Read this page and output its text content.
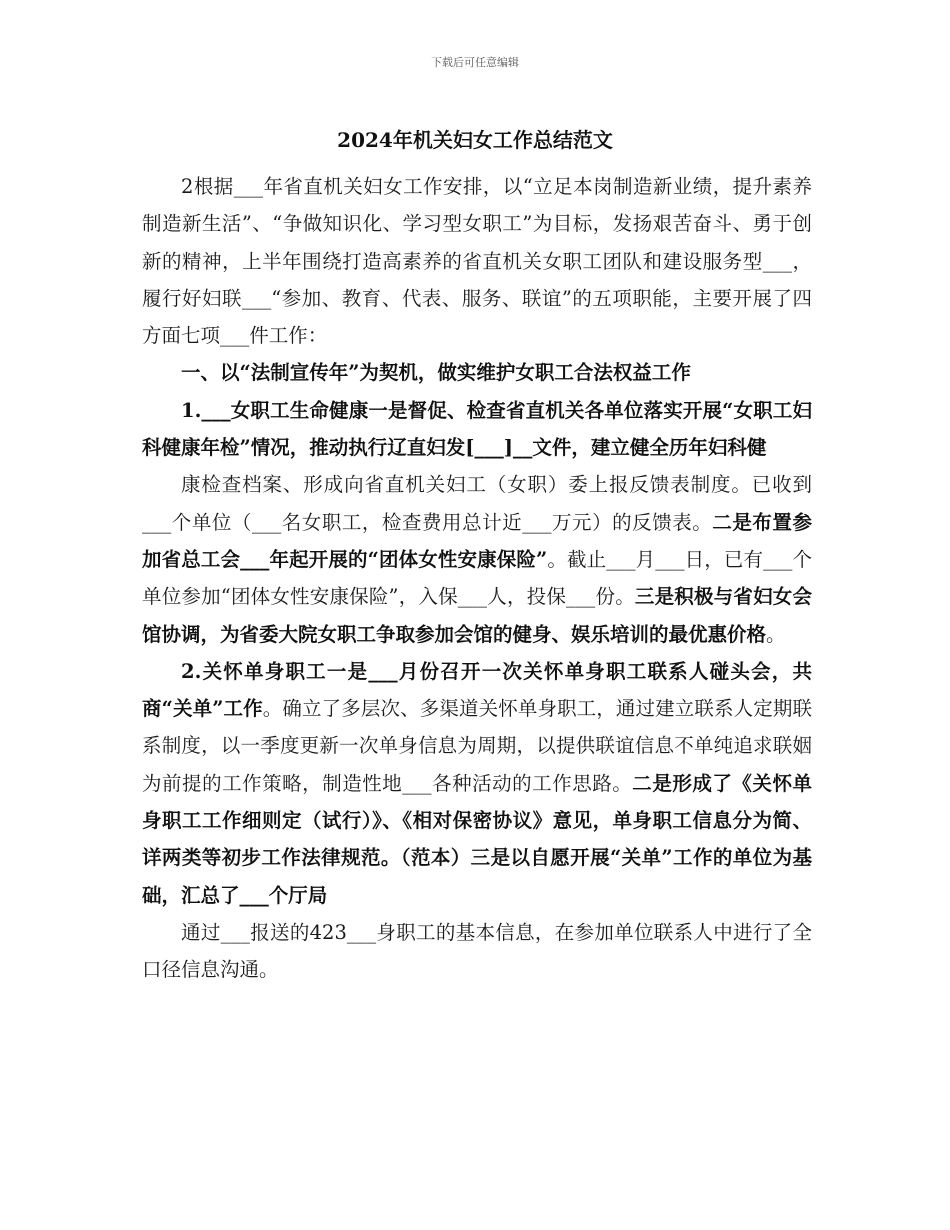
下载后可任意编辑
2024年机关妇女工作总结范文

2根据___年省直机关妇女工作安排，以“立足本岗制造新业绩，提升素养制造新生活”、“争做知识化、学习型女职工”为目标，发扬艰苦奋斗、勇于创新的精神，上半年围绕打造高素养的省直机关女职工团队和建设服务型___，履行好妇联___“参加、教育、代表、服务、联谊”的五项职能，主要开展了四方面七项___件工作：

一、以“法制宣传年”为契机，做实维护女职工合法权益工作

1.___女职工生命健康一是督促、检查省直机关各单位落实开展“女职工妇科健康年检”情况，推动执行辽直妇发[___]__文件，建立健全历年妇科健

康检查档案、形成向省直机关妇工（女职）委上报反馈表制度。已收到___个单位（___名女职工，检查费用总计近___万元）的反馈表。二是布置参加省总工会___年起开展的“团体女性安康保险”。截止___月___日，已有___个单位参加“团体女性安康保险”，入保___人，投保___份。三是积极与省妇女会馆协调，为省委大院女职工争取参加会馆的健身、娱乐培训的最优惠价格。

2.关怀单身职工一是___月份召开一次关怀单身职工联系人碰头会，共商“关单”工作。确立了多层次、多渠道关怀单身职工，通过建立联系人定期联系制度，以一季度更新一次单身信息为周期，以提供联谊信息不单纯追求联姻为前提的工作策略，制造性地___各种活动的工作思路。二是形成了《关怀单身职工工作细则定（试行）》、《相对保密协议》意见，单身职工信息分为简、详两类等初步工作法律规范。（范本）三是以自愿开展“关单”工作的单位为基础，汇总了___个厅局

通过___报送的423___身职工的基本信息，在参加单位联系人中进行了全口径信息沟通。
